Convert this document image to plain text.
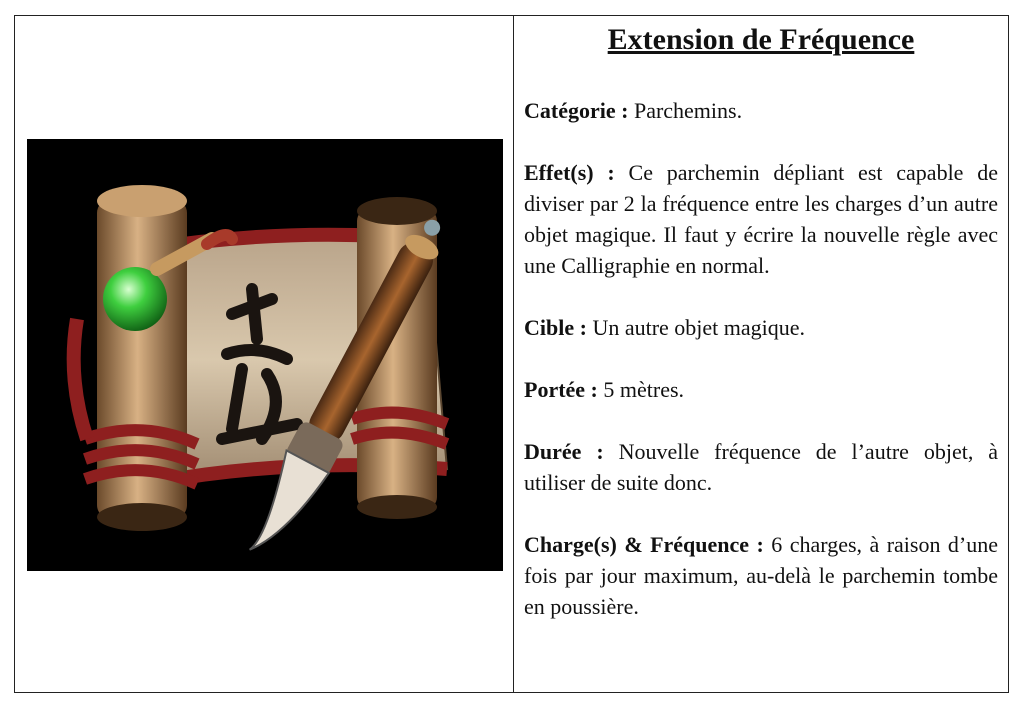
Extension de Fréquence

Catégorie : Parchemins.

Effet(s) : Ce parchemin dépliant est capable de diviser par 2 la fréquence entre les charges d’un autre objet magique. Il faut y écrire la nouvelle règle avec une Calligraphie en normal.

Cible : Un autre objet magique.

Portée : 5 mètres.

Durée : Nouvelle fréquence de l’autre objet, à utiliser de suite donc.

Charge(s) & Fréquence : 6 charges, à raison d’une fois par jour maximum, au-delà le parchemin tombe en poussière.
